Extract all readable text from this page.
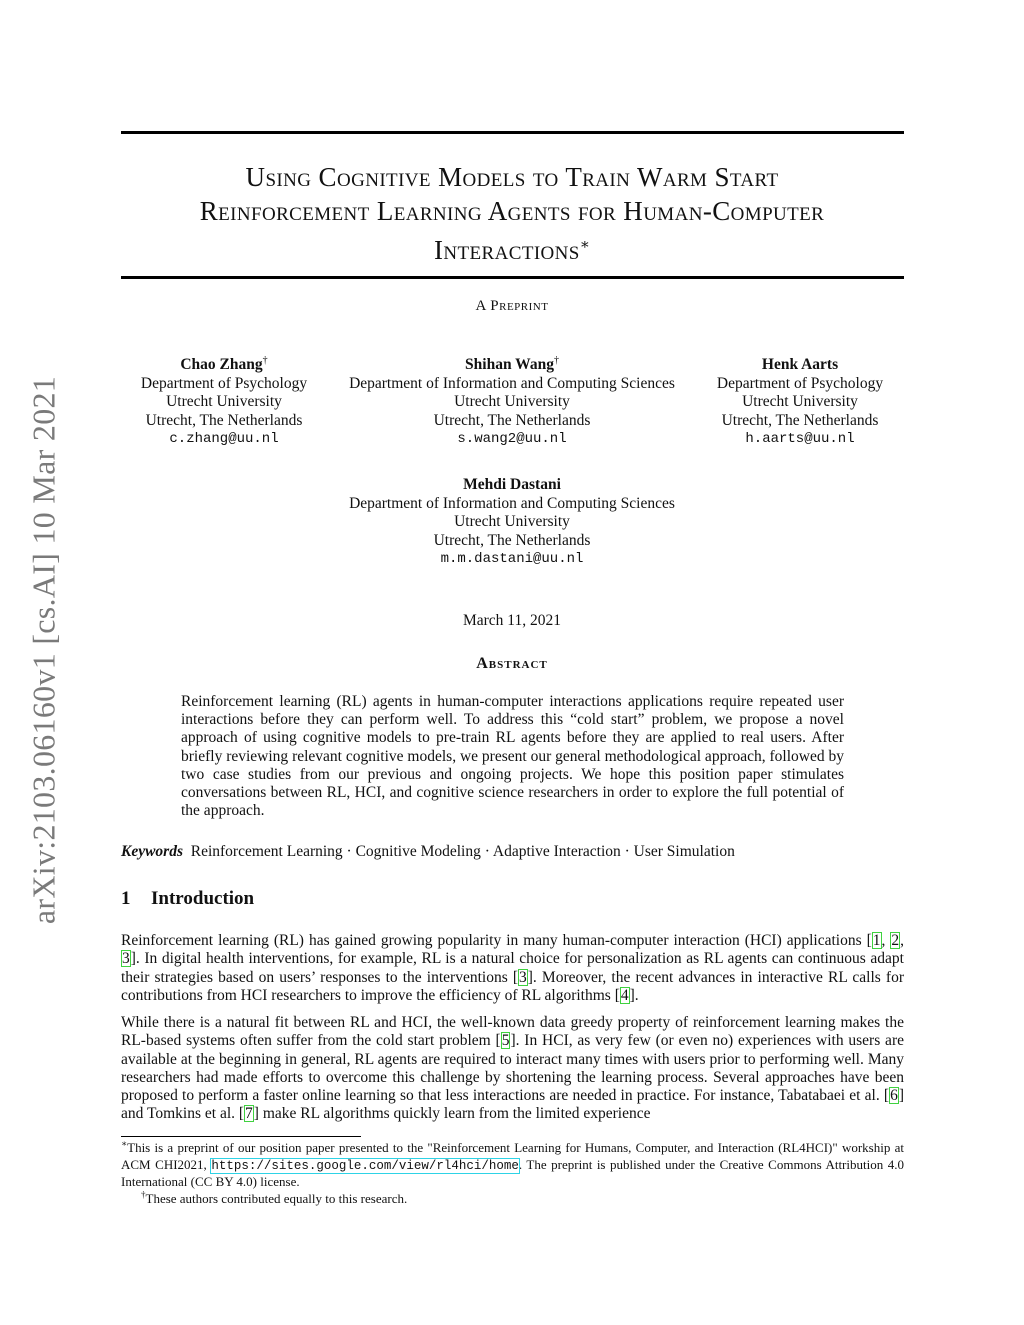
arXiv:2103.06160v1 [cs.AI] 10 Mar 2021
Using Cognitive Models to Train Warm Start
Reinforcement Learning Agents for Human-Computer
Interactions∗
A Preprint
Chao Zhang†
Department of Psychology
Utrecht University
Utrecht, The Netherlands
c.zhang@uu.nl
Shihan Wang†
Department of Information and Computing Sciences
Utrecht University
Utrecht, The Netherlands
s.wang2@uu.nl
Henk Aarts
Department of Psychology
Utrecht University
Utrecht, The Netherlands
h.aarts@uu.nl
Mehdi Dastani
Department of Information and Computing Sciences
Utrecht University
Utrecht, The Netherlands
m.m.dastani@uu.nl
March 11, 2021
Abstract

Reinforcement learning (RL) agents in human-computer interactions applications require repeated user interactions before they can perform well. To address this “cold start” problem, we propose a novel approach of using cognitive models to pre-train RL agents before they are applied to real users. After briefly reviewing relevant cognitive models, we present our general methodological approach, followed by two case studies from our previous and ongoing projects. We hope this position paper stimulates conversations between RL, HCI, and cognitive science researchers in order to explore the full potential of the approach.

Keywords Reinforcement Learning · Cognitive Modeling · Adaptive Interaction · User Simulation
1 Introduction

Reinforcement learning (RL) has gained growing popularity in many human-computer interaction (HCI) applications [1, 2, 3]. In digital health interventions, for example, RL is a natural choice for personalization as RL agents can continuous adapt their strategies based on users’ responses to the interventions [3]. Moreover, the recent advances in interactive RL calls for contributions from HCI researchers to improve the efficiency of RL algorithms [4].

While there is a natural fit between RL and HCI, the well-known data greedy property of reinforcement learning makes the RL-based systems often suffer from the cold start problem [5]. In HCI, as very few (or even no) experiences with users are available at the beginning in general, RL agents are required to interact many times with users prior to performing well. Many researchers had made efforts to overcome this challenge by shortening the learning process. Several approaches have been proposed to perform a faster online learning so that less interactions are needed in practice. For instance, Tabatabaei et al. [6] and Tomkins et al. [7] make RL algorithms quickly learn from the limited experience

∗This is a preprint of our position paper presented to the "Reinforcement Learning for Humans, Computer, and Interaction (RL4HCI)" workship at ACM CHI2021, https://sites.google.com/view/rl4hci/home. The preprint is published under the Creative Commons Attribution 4.0 International (CC BY 4.0) license.

†These authors contributed equally to this research.
